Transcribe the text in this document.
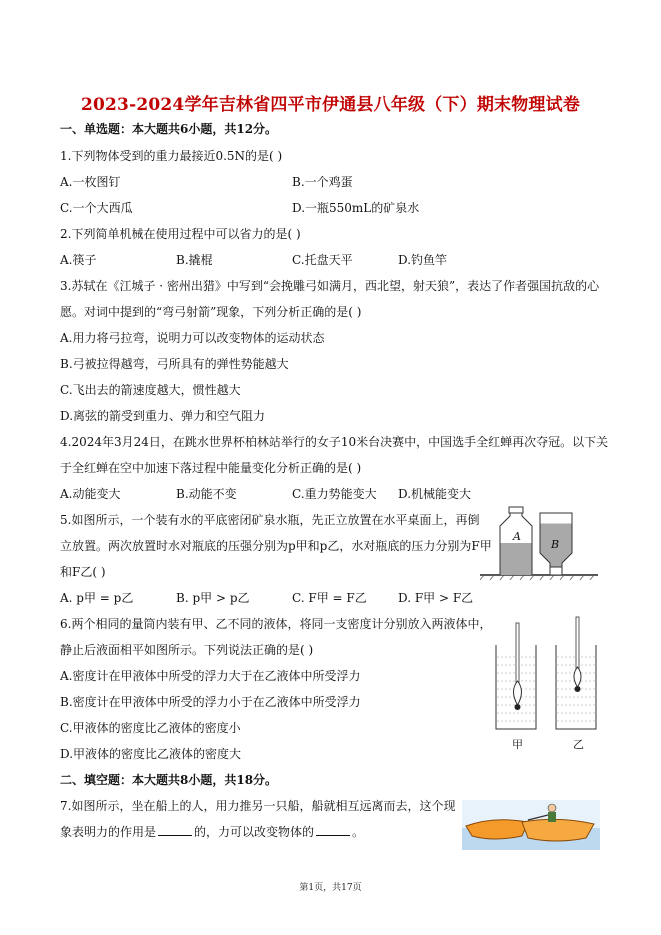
2023-2024学年吉林省四平市伊通县八年级（下）期末物理试卷
一、单选题：本大题共6小题，共12分。
1.下列物体受到的重力最接近0.5N的是( )
A.一枚图钉	B.一个鸡蛋
C.一个大西瓜	D.一瓶550mL的矿泉水
2.下列简单机械在使用过程中可以省力的是( )
A.筷子	B.撬棍	C.托盘天平	D.钓鱼竿
3.苏轼在《江城子 · 密州出猎》中写到“会挽雕弓如满月，西北望，射天狼”，表达了作者强国抗敌的心
愿。对词中提到的“弯弓射箭”现象，下列分析正确的是( )
A.用力将弓拉弯，说明力可以改变物体的运动状态
B.弓被拉得越弯，弓所具有的弹性势能越大
C.飞出去的箭速度越大，惯性越大
D.离弦的箭受到重力、弹力和空气阻力
4.2024年3月24日，在跳水世界杯柏林站举行的女子10米台决赛中，中国选手全红蝉再次夺冠。以下关
于全红蝉在空中加速下落过程中能量变化分析正确的是( )
A.动能变大	B.动能不变	C.重力势能变大 D.机械能变大
5.如图所示，一个装有水的平底密闭矿泉水瓶，先正立放置在水平桌面上，再倒
立放置。两次放置时水对瓶底的压强分别为p甲和p乙，水对瓶底的压力分别为F甲
和F乙( )
A. p甲 = p乙	B. p甲 > p乙	C. F甲 = F乙	D. F甲 > F乙
A
B
6.两个相同的量筒内装有甲、乙不同的液体，将同一支密度计分别放入两液体中，
静止后液面相平如图所示。下列说法正确的是( )
A.密度计在甲液体中所受的浮力大于在乙液体中所受浮力
B.密度计在甲液体中所受的浮力小于在乙液体中所受浮力
C.甲液体的密度比乙液体的密度小
D.甲液体的密度比乙液体的密度大
甲	乙
二、填空题：本大题共8小题，共18分。
7.如图所示，坐在船上的人，用力推另一只船，船就相互远离而去，这个现
象表明力的作用是	的，力可以改变物体的	。
第1页，共17页
